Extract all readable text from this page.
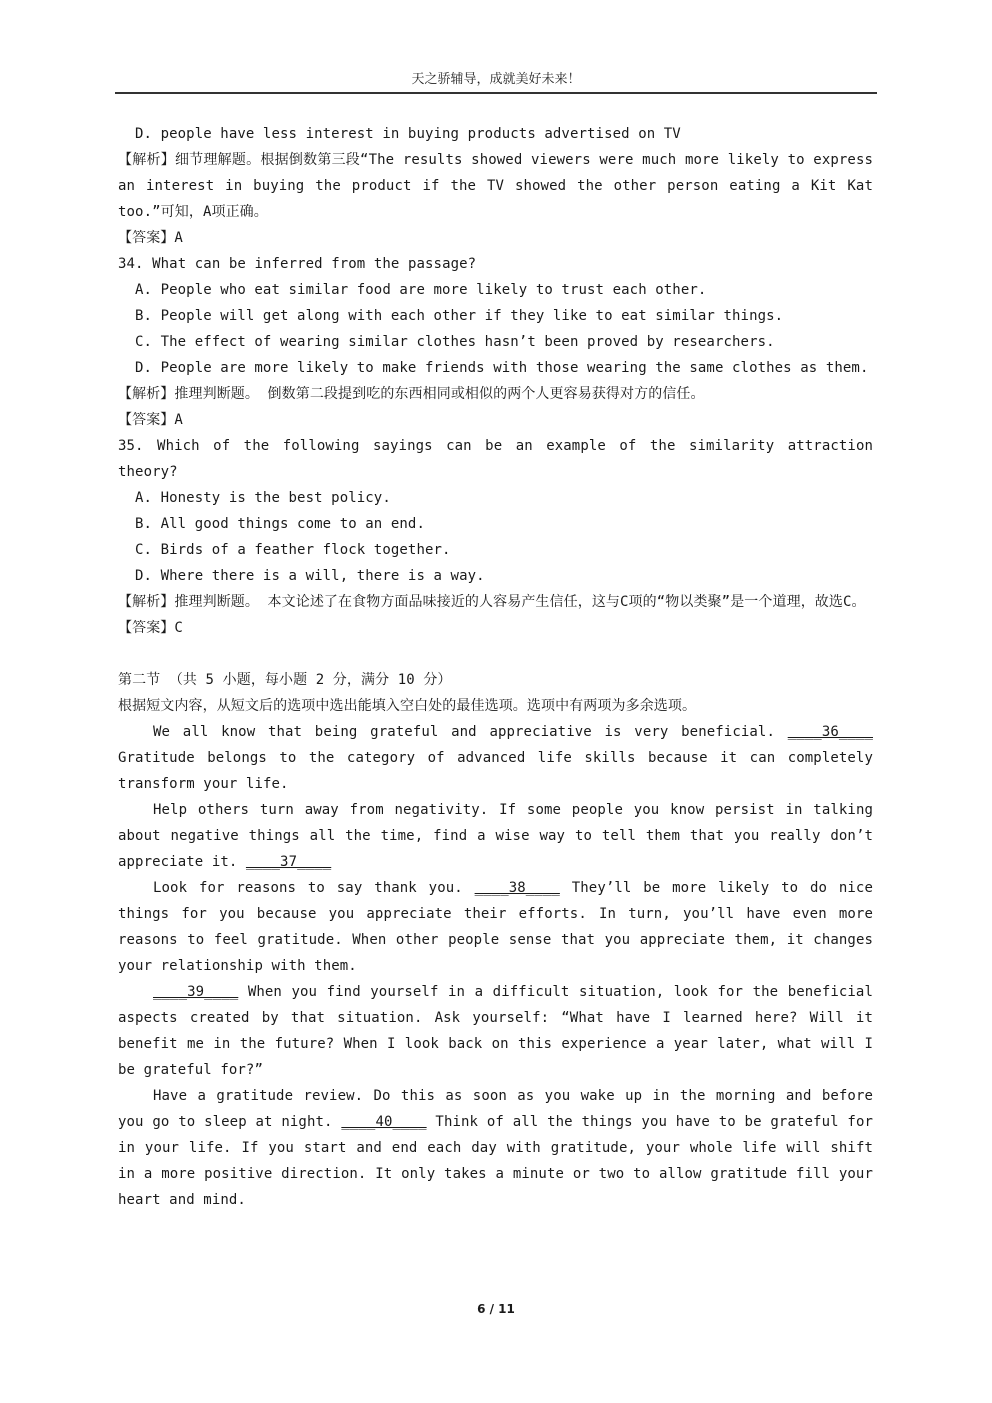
天之骄辅导，成就美好未来！

D. people have less interest in buying products advertised on TV

【解析】细节理解题。根据倒数第三段“The results showed viewers were much more likely to express an interest in buying the product if the TV showed the other person eating a Kit Kat too.”可知，A项正确。

【答案】A

34. What can be inferred from the passage?

A. People who eat similar food are more likely to trust each other.

B. People will get along with each other if they like to eat similar things.

C. The effect of wearing similar clothes hasn’t been proved by researchers.

D. People are more likely to make friends with those wearing the same clothes as them.

【解析】推理判断题。 倒数第二段提到吃的东西相同或相似的两个人更容易获得对方的信任。

【答案】A

35. Which of the following sayings can be an example of the similarity attraction theory?

A. Honesty is the best policy.

B. All good things come to an end.

C. Birds of a feather flock together.

D. Where there is a will, there is a way.

【解析】推理判断题。 本文论述了在食物方面品味接近的人容易产生信任，这与C项的“物以类聚”是一个道理，故选C。

【答案】C

第二节 （共 5 小题，每小题 2 分，满分 10 分）

根据短文内容，从短文后的选项中选出能填入空白处的最佳选项。选项中有两项为多余选项。

We all know that being grateful and appreciative is very beneficial. ____36____ Gratitude belongs to the category of advanced life skills because it can completely transform your life.

Help others turn away from negativity. If some people you know persist in talking about negative things all the time, find a wise way to tell them that you really don’t appreciate it. ____37____

Look for reasons to say thank you. ____38____ They’ll be more likely to do nice things for you because you appreciate their efforts. In turn, you’ll have even more reasons to feel gratitude. When other people sense that you appreciate them, it changes your relationship with them.

____39____ When you find yourself in a difficult situation, look for the beneficial aspects created by that situation. Ask yourself: “What have I learned here? Will it benefit me in the future? When I look back on this experience a year later, what will I be grateful for?”

Have a gratitude review. Do this as soon as you wake up in the morning and before you go to sleep at night. ____40____ Think of all the things you have to be grateful for in your life. If you start and end each day with gratitude, your whole life will shift in a more positive direction. It only takes a minute or two to allow gratitude fill your heart and mind.

6 / 11
